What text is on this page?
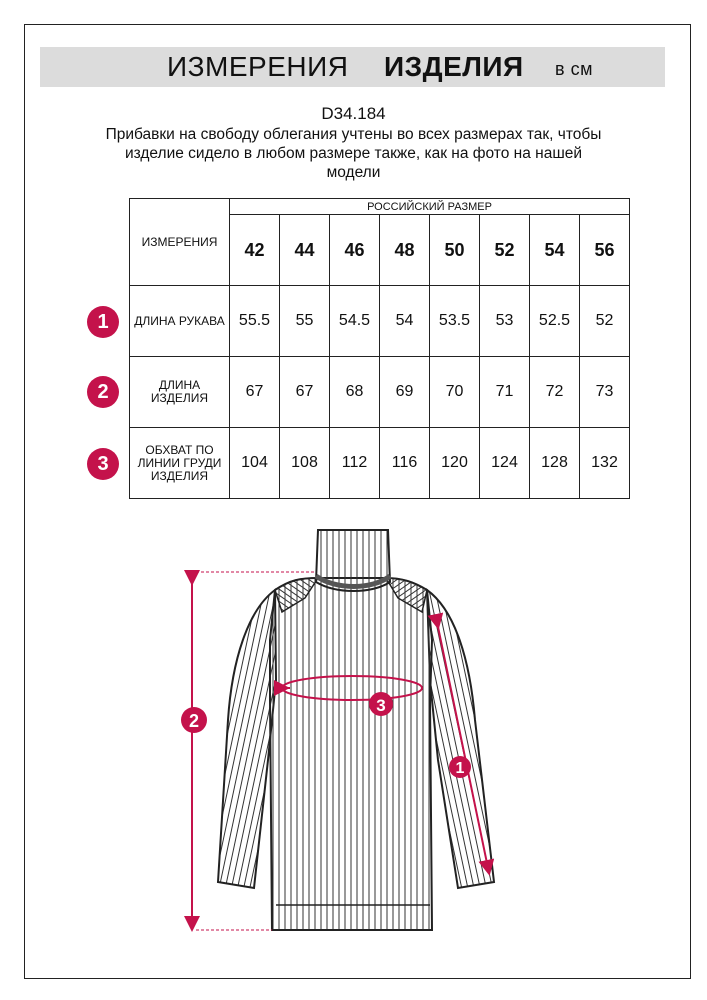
ИЗМЕРЕНИЯ ИЗДЕЛИЯ в см
D34.184
Прибавки на свободу облегания учтены во всех размерах так, чтобы изделие сидело в любом размере также, как на фото на нашей модели
ИЗМЕРЕНИЯ	РОССИЙСКИЙ РАЗМЕР							
	42	44	46	48	50	52	54	56
ДЛИНА РУКАВА	55.5	55	54.5	54	53.5	53	52.5	52
ДЛИНА ИЗДЕЛИЯ	67	67	68	69	70	71	72	73
ОБХВАТ ПО ЛИНИИ ГРУДИ ИЗДЕЛИЯ	104	108	112	116	120	124	128	132
1
2
3
1
2
3
